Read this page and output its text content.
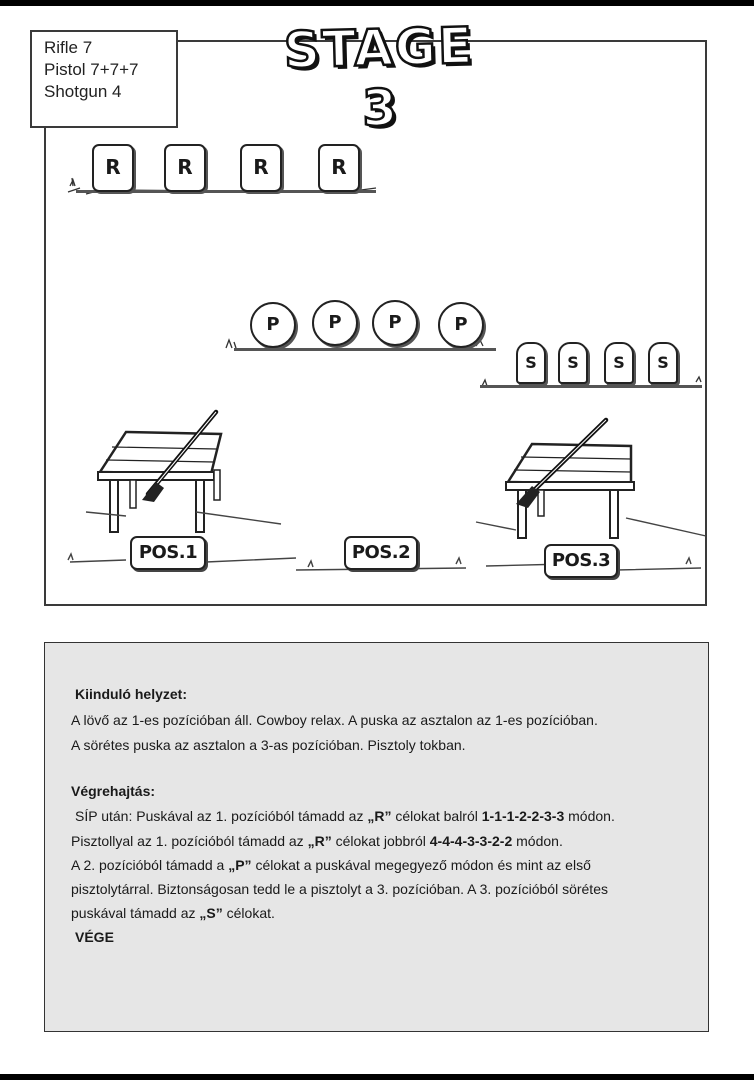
R	R	R	R
P	P	P	P
S	S	S	S
POS.1	POS.2	POS.3
Rifle 7
Pistol 7+7+7
Shotgun 4
STAGE 3
Kiinduló helyzet:
A lövő az 1-es pozícióban áll. Cowboy relax. A puska az asztalon az 1-es pozícióban.
A sörétes puska az asztalon a 3-as pozícióban. Pisztoly tokban.
Végrehajtás:
SÍP után: Puskával az 1. pozícióból támadd az „R” célokat balról 1-1-1-2-2-3-3 módon.
Pisztollyal az 1. pozícióból támadd az „R” célokat jobbról 4-4-4-3-3-2-2 módon.
A 2. pozícióból támadd a „P” célokat a puskával megegyező módon és mint az első
pisztolytárral. Biztonságosan tedd le a pisztolyt a 3. pozícióban. A 3. pozícióból sörétes
puskával támadd az „S” célokat.
VÉGE
